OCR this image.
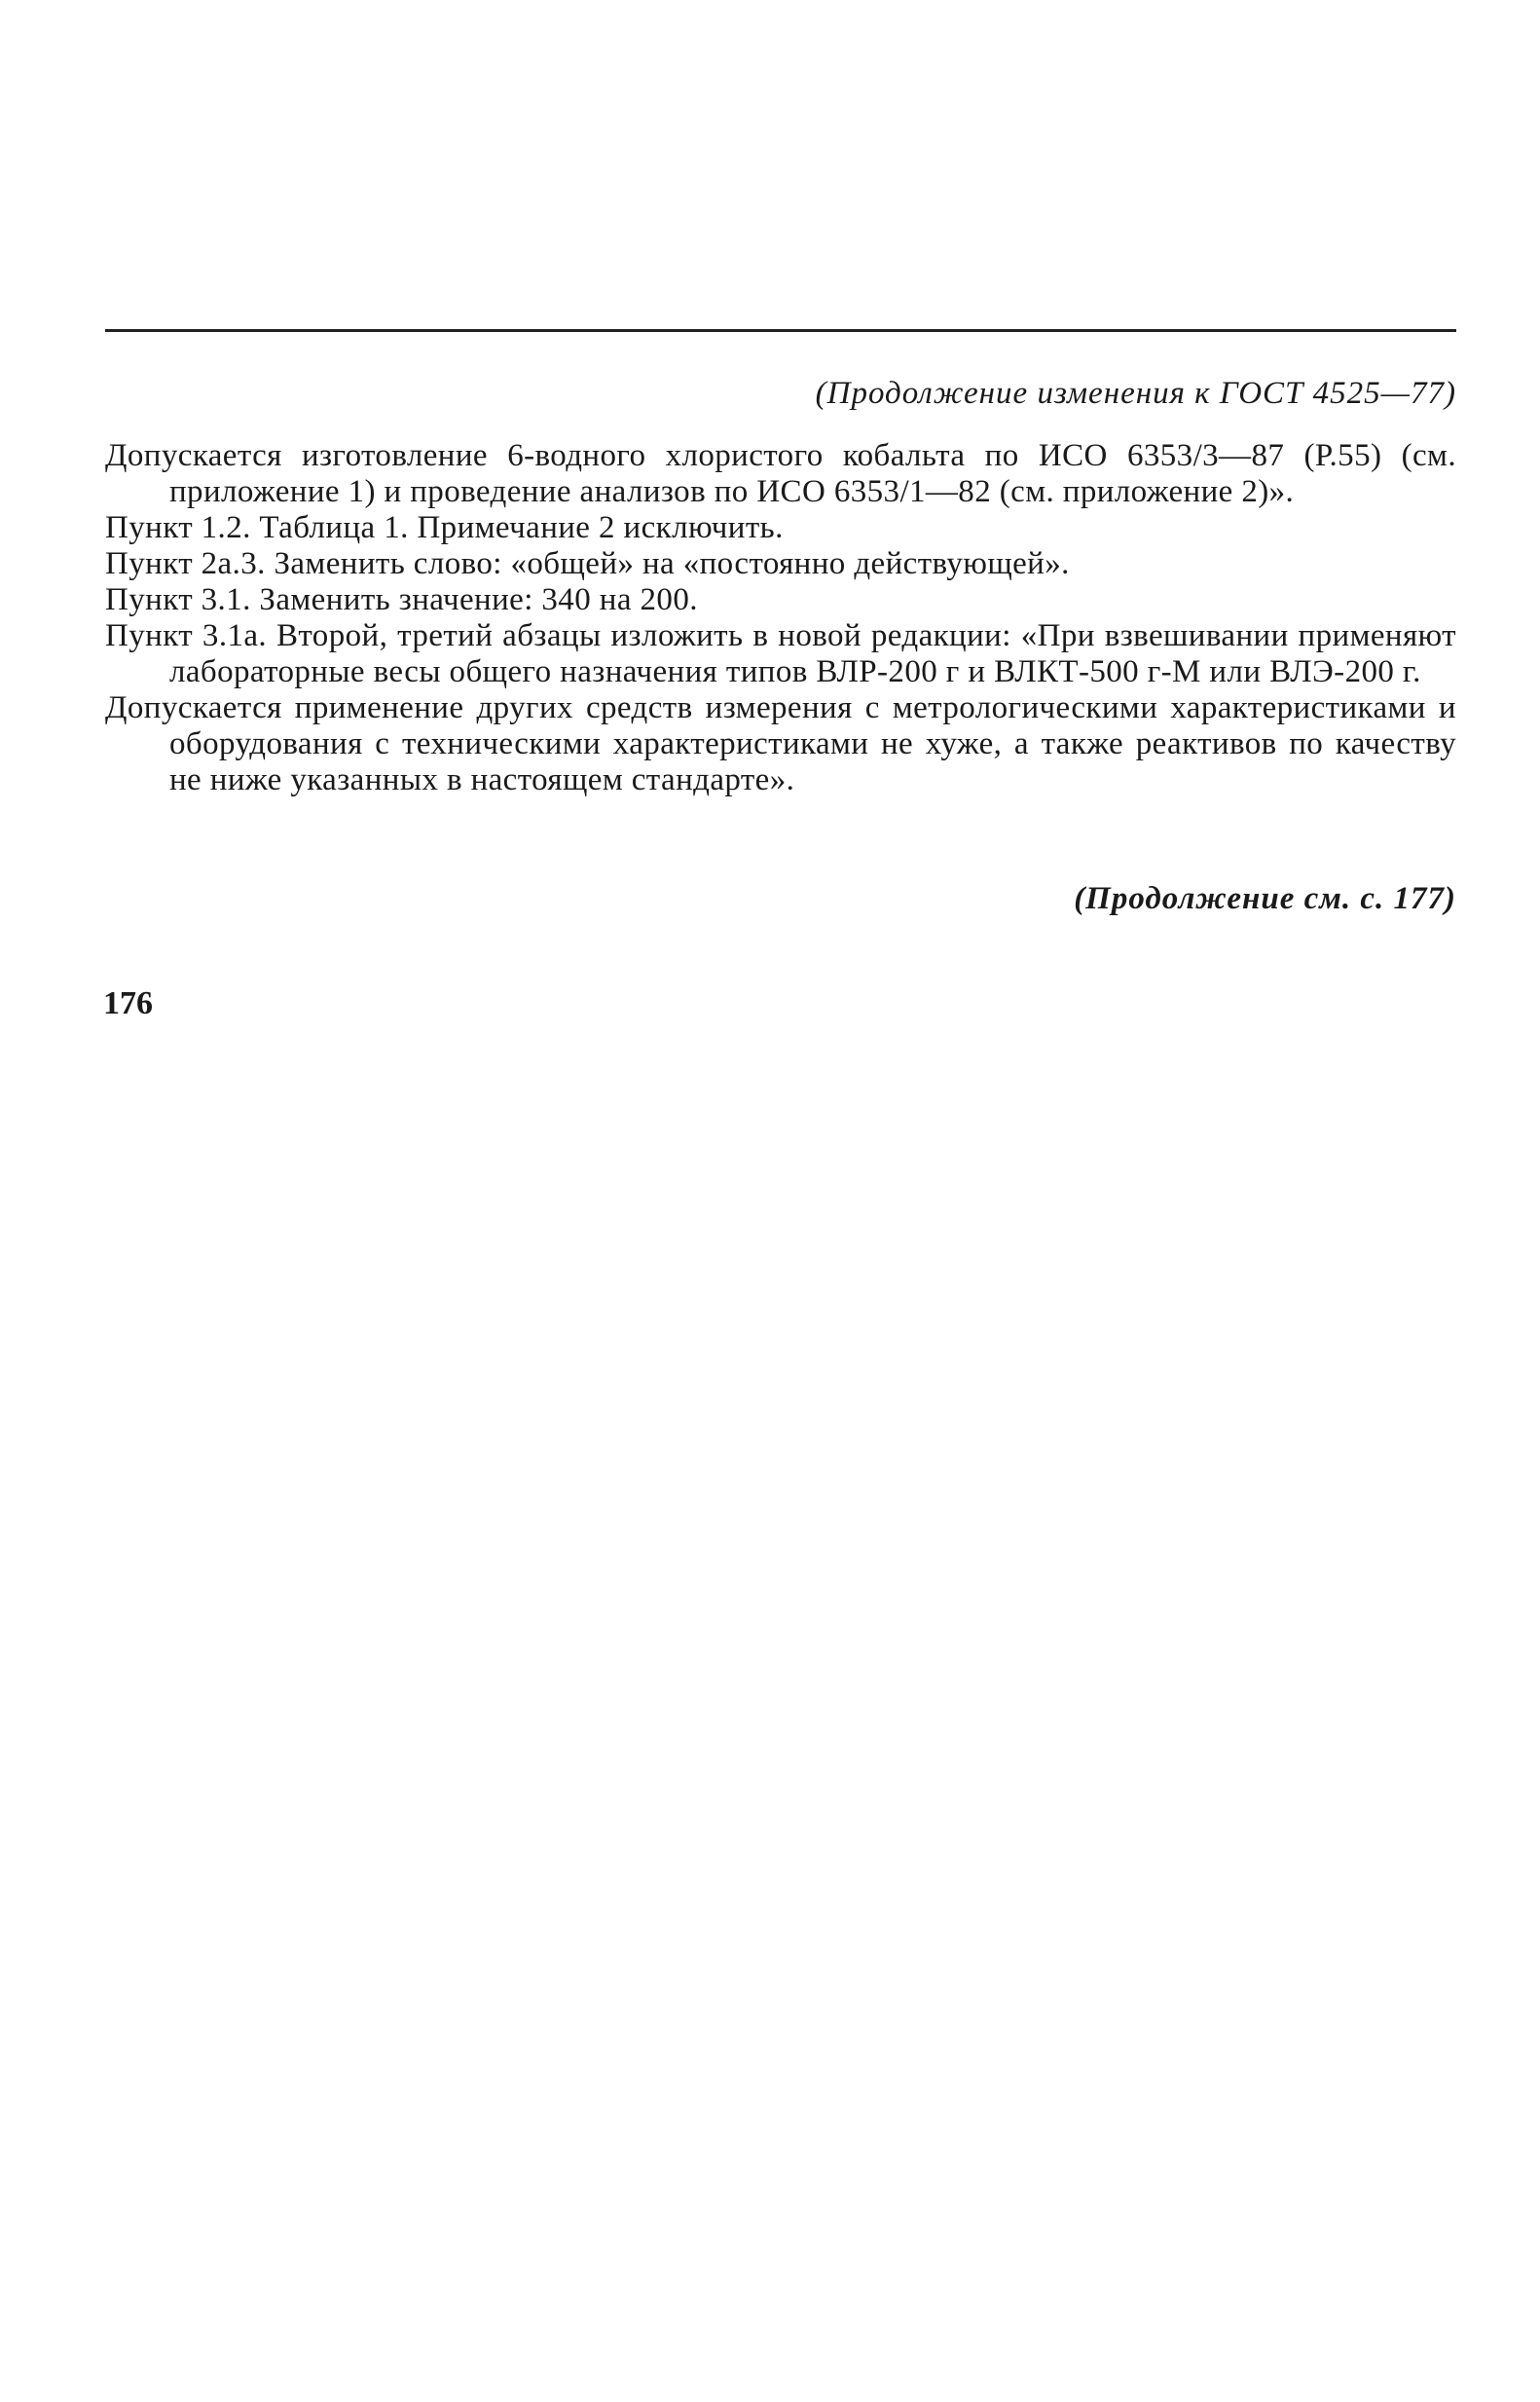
(Продолжение изменения к ГОСТ 4525—77)

Допускается изготовление 6-водного хлористого кобальта по ИСО 6353/3—87 (Р.55) (см. приложение 1) и проведение анализов по ИСО 6353/1—82 (см. приложение 2)».

Пункт 1.2. Таблица 1. Примечание 2 исключить.

Пункт 2а.3. Заменить слово: «общей» на «постоянно действующей».

Пункт 3.1. Заменить значение: 340 на 200.

Пункт 3.1а. Второй, третий абзацы изложить в новой редакции: «При взвешивании применяют лабораторные весы общего назначения типов ВЛР-200 г и ВЛКТ-500 г-М или ВЛЭ-200 г.

Допускается применение других средств измерения с метрологическими характеристиками и оборудования с техническими характеристиками не хуже, а также реактивов по качеству не ниже указанных в настоящем стандарте».

(Продолжение см. с. 177)
176
